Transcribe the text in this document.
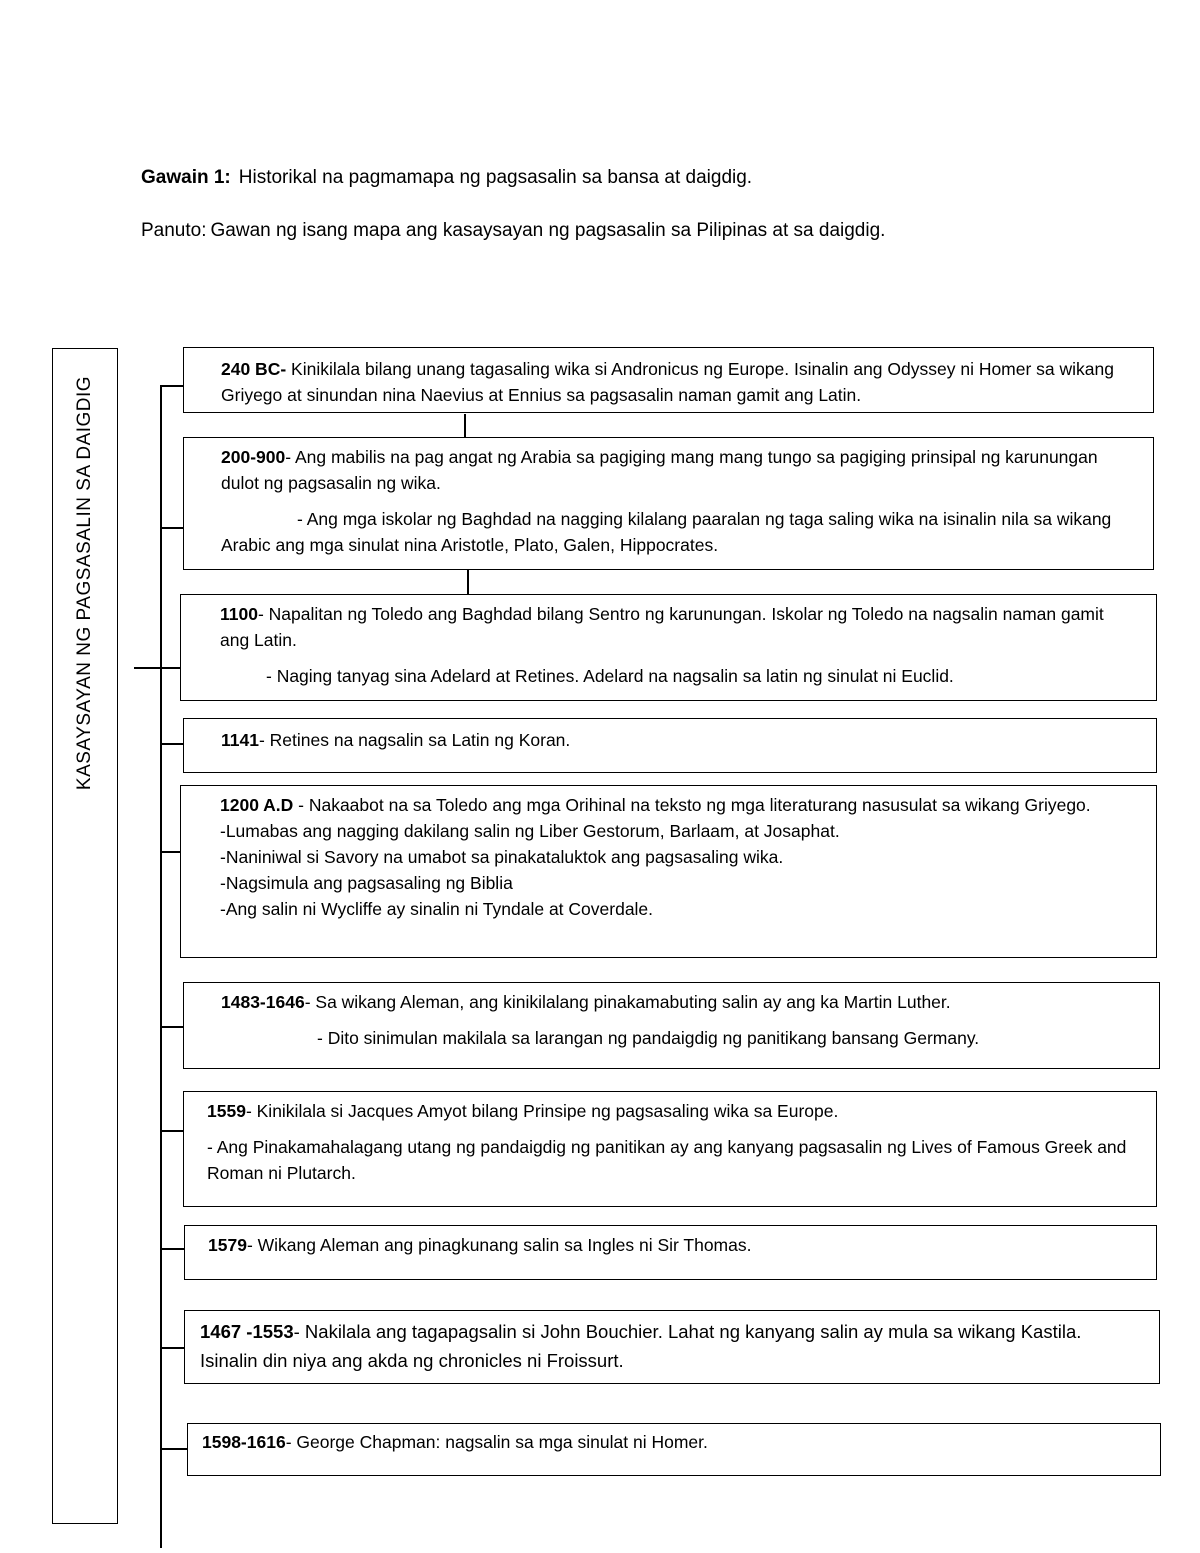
Gawain 1: Historikal na pagmamapa ng pagsasalin sa bansa at daigdig.
Panuto: Gawan ng isang mapa ang kasaysayan ng pagsasalin sa Pilipinas at sa daigdig.
KASAYSAYAN NG PAGSASALIN SA DAIGDIG

240 BC- Kinikilala bilang unang tagasaling wika si Andronicus ng Europe. Isinalin ang Odyssey ni Homer sa wikang Griyego at sinundan nina Naevius at Ennius sa pagsasalin naman gamit ang Latin.

200-900- Ang mabilis na pag angat ng Arabia sa pagiging mang mang tungo sa pagiging prinsipal ng karunungan dulot ng pagsasalin ng wika.

- Ang mga iskolar ng Baghdad na nagging kilalang paaralan ng taga saling wika na isinalin nila sa wikang Arabic ang mga sinulat nina Aristotle, Plato, Galen, Hippocrates.

1100- Napalitan ng Toledo ang Baghdad bilang Sentro ng karunungan. Iskolar ng Toledo na nagsalin naman gamit ang Latin.

- Naging tanyag sina Adelard at Retines. Adelard na nagsalin sa latin ng sinulat ni Euclid.

1141- Retines na nagsalin sa Latin ng Koran.

1200 A.D - Nakaabot na sa Toledo ang mga Orihinal na teksto ng mga literaturang nasusulat sa wikang Griyego.

-Lumabas ang nagging dakilang salin ng Liber Gestorum, Barlaam, at Josaphat.

-Naniniwal si Savory na umabot sa pinakataluktok ang pagsasaling wika.

-Nagsimula ang pagsasaling ng Biblia

-Ang salin ni Wycliffe ay sinalin ni Tyndale at Coverdale.

1483-1646- Sa wikang Aleman, ang kinikilalang pinakamabuting salin ay ang ka Martin Luther.

- Dito sinimulan makilala sa larangan ng pandaigdig ng panitikang bansang Germany.

1559- Kinikilala si Jacques Amyot bilang Prinsipe ng pagsasaling wika sa Europe.

- Ang Pinakamahalagang utang ng pandaigdig ng panitikan ay ang kanyang pagsasalin ng Lives of Famous Greek and Roman ni Plutarch.

1579- Wikang Aleman ang pinagkunang salin sa Ingles ni Sir Thomas.

1467 -1553- Nakilala ang tagapagsalin si John Bouchier. Lahat ng kanyang salin ay mula sa wikang Kastila. Isinalin din niya ang akda ng chronicles ni Froissurt.

1598-1616- George Chapman: nagsalin sa mga sinulat ni Homer.
